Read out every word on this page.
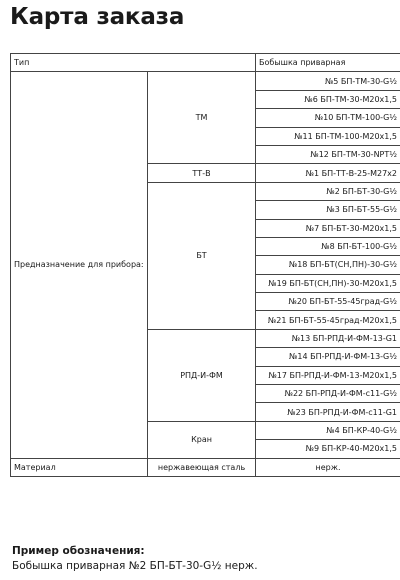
Карта заказа
Тип		Бобышка приварная
Предназначение для прибора:	ТМ	№5 БП-ТМ-30-G½
		№6 БП-ТМ-30-М20х1,5
		№10 БП-ТМ-100-G½
		№11 БП-ТМ-100-М20х1,5
		№12 БП-ТМ-30-NPT½
	ТТ-В	№1 БП-ТТ-В-25-М27х2
	БТ	№2 БП-БТ-30-G½
		№3 БП-БТ-55-G½
		№7 БП-БТ-30-М20х1,5
		№8 БП-БТ-100-G½
		№18 БП-БТ(СН,ПН)-30-G½
		№19 БП-БТ(СН,ПН)-30-М20х1,5
		№20 БП-БТ-55-45град-G½
		№21 БП-БТ-55-45град-М20х1,5
	РПД-И-ФМ	№13 БП-РПД-И-ФМ-13-G1
		№14 БП-РПД-И-ФМ-13-G½
		№17 БП-РПД-И-ФМ-13-М20х1,5
		№22 БП-РПД-И-ФМ-с11-G½
		№23 БП-РПД-И-ФМ-с11-G1
	Кран	№4 БП-КР-40-G½
		№9 БП-КР-40-М20х1,5
Материал	нержавеющая сталь	нерж.
Пример обозначения:
Бобышка приварная №2 БП-БТ-30-G½ нерж.
